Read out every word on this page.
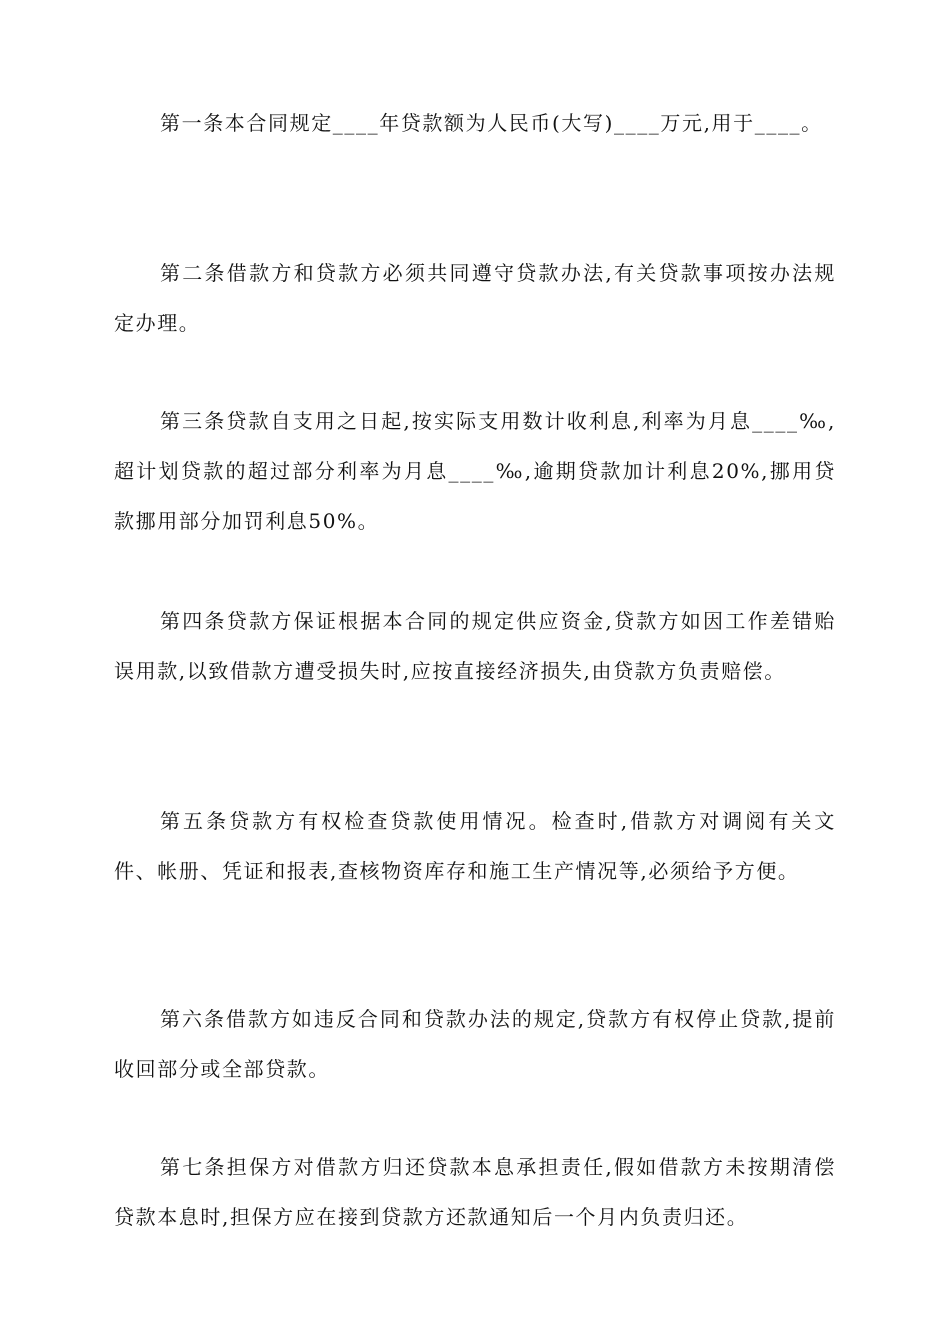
第一条本合同规定____年贷款额为人民币(大写)____万元,用于____。

第二条借款方和贷款方必须共同遵守贷款办法,有关贷款事项按办法规定办理。

第三条贷款自支用之日起,按实际支用数计收利息,利率为月息____‰,超计划贷款的超过部分利率为月息____‰,逾期贷款加计利息20%,挪用贷款挪用部分加罚利息50%。

第四条贷款方保证根据本合同的规定供应资金,贷款方如因工作差错贻误用款,以致借款方遭受损失时,应按直接经济损失,由贷款方负责赔偿。

第五条贷款方有权检查贷款使用情况。检查时,借款方对调阅有关文件、帐册、凭证和报表,查核物资库存和施工生产情况等,必须给予方便。

第六条借款方如违反合同和贷款办法的规定,贷款方有权停止贷款,提前收回部分或全部贷款。

第七条担保方对借款方归还贷款本息承担责任,假如借款方未按期清偿贷款本息时,担保方应在接到贷款方还款通知后一个月内负责归还。
